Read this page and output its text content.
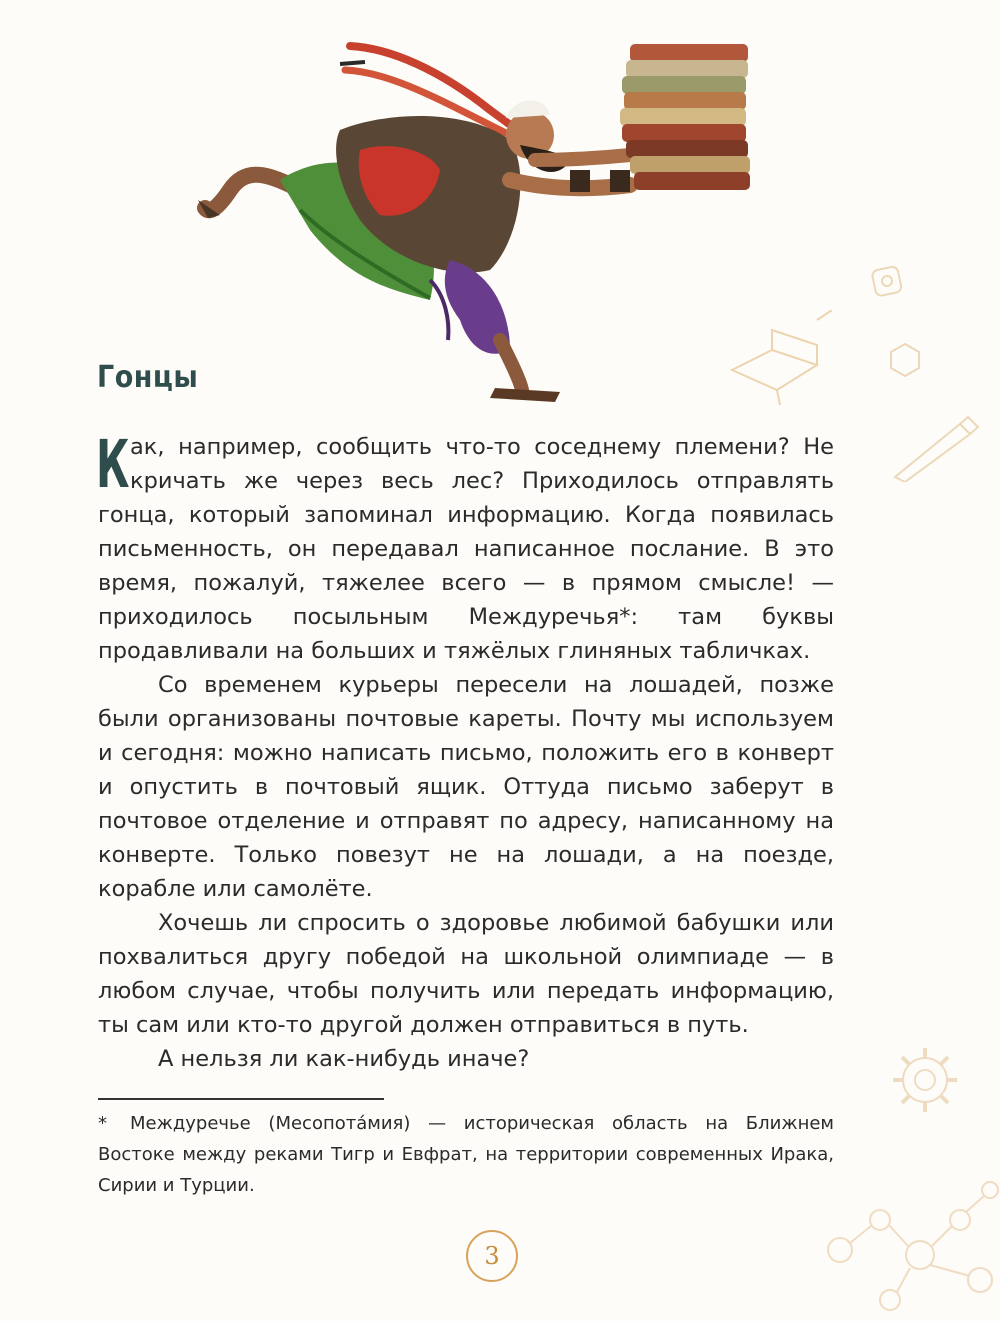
Гонцы

Как, например, сообщить что-то соседнему племени? Не кричать же через весь лес? Приходилось отправлять гонца, который запоминал информацию. Когда появилась письменность, он передавал написанное послание. В это время, пожалуй, тяжелее всего — в прямом смысле! — приходилось посыльным Междуречья*: там буквы продавливали на больших и тяжёлых глиняных табличках.

Со временем курьеры пересели на лошадей, позже были организованы почтовые кареты. Почту мы используем и сегодня: можно написать письмо, положить его в конверт и опустить в почтовый ящик. Оттуда письмо заберут в почтовое отделение и отправят по адресу, написанному на конверте. Только повезут не на лошади, а на поезде, корабле или самолёте.

Хочешь ли спросить о здоровье любимой бабушки или похвалиться другу победой на школьной олимпиаде — в любом случае, чтобы получить или передать информацию, ты сам или кто-то другой должен отправиться в путь.

А нельзя ли как-нибудь иначе?

* Междуречье (Месопотáмия) — историческая область на Ближнем Востоке между реками Тигр и Евфрат, на территории современных Ирака, Сирии и Турции.
3
